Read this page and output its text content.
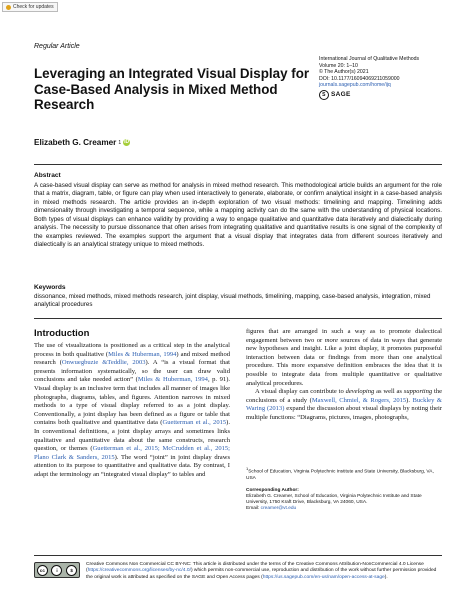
Check for updates
Regular Article
International Journal of Qualitative Methods
Volume 20: 1–10
© The Author(s) 2021
DOI: 10.1177/16094069211059000
journals.sagepub.com/home/ijq
S SAGE
Leveraging an Integrated Visual Display for Case-Based Analysis in Mixed Method Research
Elizabeth G. Creamer 1 iD
Abstract

A case-based visual display can serve as method for analysis in mixed method research. This methodological article builds an argument for the role that a matrix, diagram, table, or figure can play when used interactively to generate, elaborate, or confirm analytical insight in a case-based analysis in mixed methods research. The article provides an in-depth exploration of two visual methods: timelining and mapping. Timelining adds dimensionality through investigating a temporal sequence, while a mapping activity can do the same with the understanding of physical locations. Both types of visual displays can enhance validity by providing a way to engage qualitative and quantitative data iteratively and dialectically during analysis. The necessity to pursue dissonance that often arises from integrating qualitative and quantitative results is one signal of the complexity of the examples reviewed. The examples support the argument that a visual display that integrates data from different sources iteratively and dialectically is an analytical strategy unique to mixed methods.

Keywords

dissonance, mixed methods, mixed methods research, joint display, visual methods, timelining, mapping, case-based analysis, integration, mixed analytical procedures

Introduction

The use of visualizations is positioned as a critical step in the analytical process in both qualitative (Miles & Huberman, 1994) and mixed method research (Onwuegbuzie &Teddlie, 2003). A “is a visual format that presents information systematically, so the user can draw valid conclusions and take needed action” (Miles & Huberman, 1994, p. 91). Visual display is an inclusive term that includes all manner of images like photographs, diagrams, tables, and figures. Attention narrows in mixed methods to a type of visual display referred to as a joint display. Conventionally, a joint display has been defined as a figure or table that contains both qualitative and quantitative data (Guetterman et al., 2015). In conventional definitions, a joint display arrays and sometimes links qualitative and quantitative data about the same constructs, research question, or themes (Guetterman et al., 2015; McCrudden et al., 2015; Plano Clark & Sanders, 2015). The word “joint” in joint display draws attention to its purpose to quantitative and qualitative data. By contrast, I adapt the terminology an “integrated visual display” to tables and

figures that are arranged in such a way as to promote dialectical engagement between two or more sources of data in ways that generate new hypotheses and insight. Like a joint display, it promotes purposeful interaction between data or findings from more than one analytical procedure. This more expansive definition embraces the idea that it is possible to integrate data from multiple quantitative or qualitative analytical procedures.
A visual display can contribute to developing as well as supporting the conclusions of a study (Maxwell, Chmiel, & Rogers, 2015). Buckley & Waring (2013) expand the discussion about visual displays by noting their multiple functions: “Diagrams, pictures, images, photographs,

$^1$School of Education, Virginia Polytechnic Institute and State University, Blacksburg, VA, USA
Corresponding Author:
Elizabeth G. Creamer, School of Education, Virginia Polytechnic Institute and State University, 1750 Kraft Drive, Blacksburg, VA 24060, USA.
Email: creamer@vt.edu
cc	i	$

Creative Commons Non Commercial CC BY-NC: This article is distributed under the terms of the Creative Commons Attribution-NonCommercial 4.0 License (https://creativecommons.org/licenses/by-nc/4.0/) which permits non-commercial use, reproduction and distribution of the work without further permission provided the original work is attributed as specified on the SAGE and Open Access pages (https://us.sagepub.com/en-us/nam/open-access-at-sage).
